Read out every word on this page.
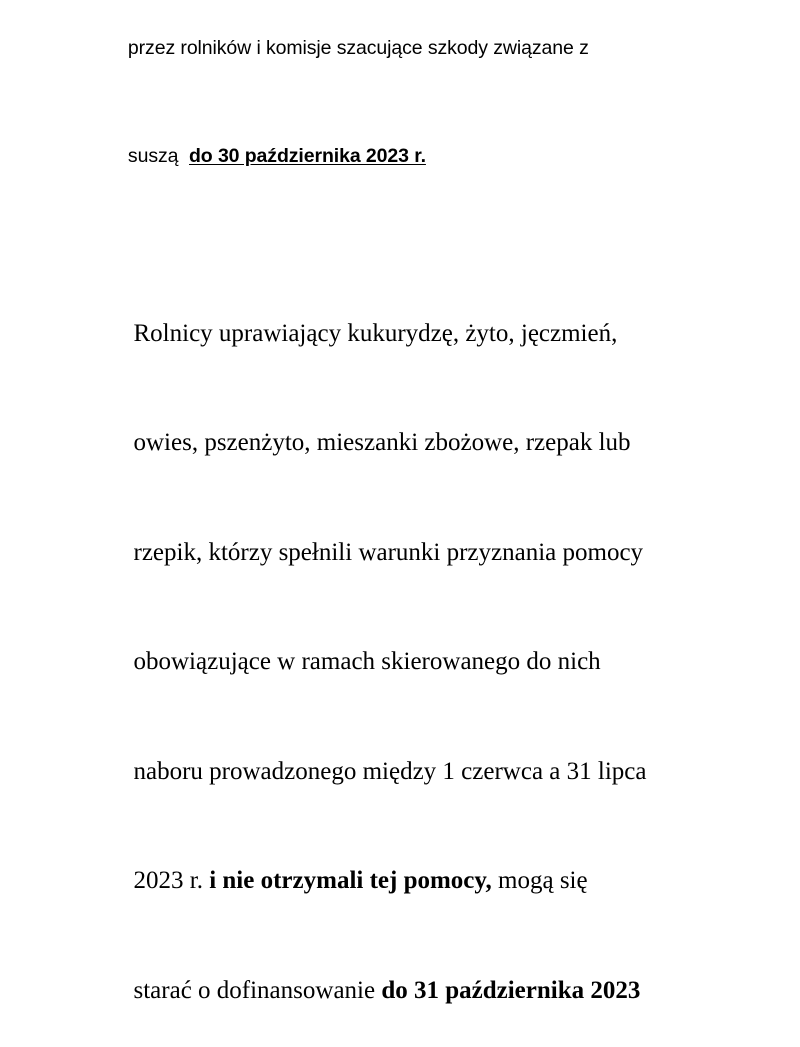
przez rolników i komisje szacujące szkody związane z

suszą  do 30 października 2023 r.

Rolnicy uprawiający kukurydzę, żyto, jęczmień,

owies, pszenżyto, mieszanki zbożowe, rzepak lub

rzepik, którzy spełnili warunki przyznania pomocy

obowiązujące w ramach skierowanego do nich

naboru prowadzonego między 1 czerwca a 31 lipca

2023 r. i nie otrzymali tej pomocy, mogą się

starać o dofinansowanie do 31 października 2023
